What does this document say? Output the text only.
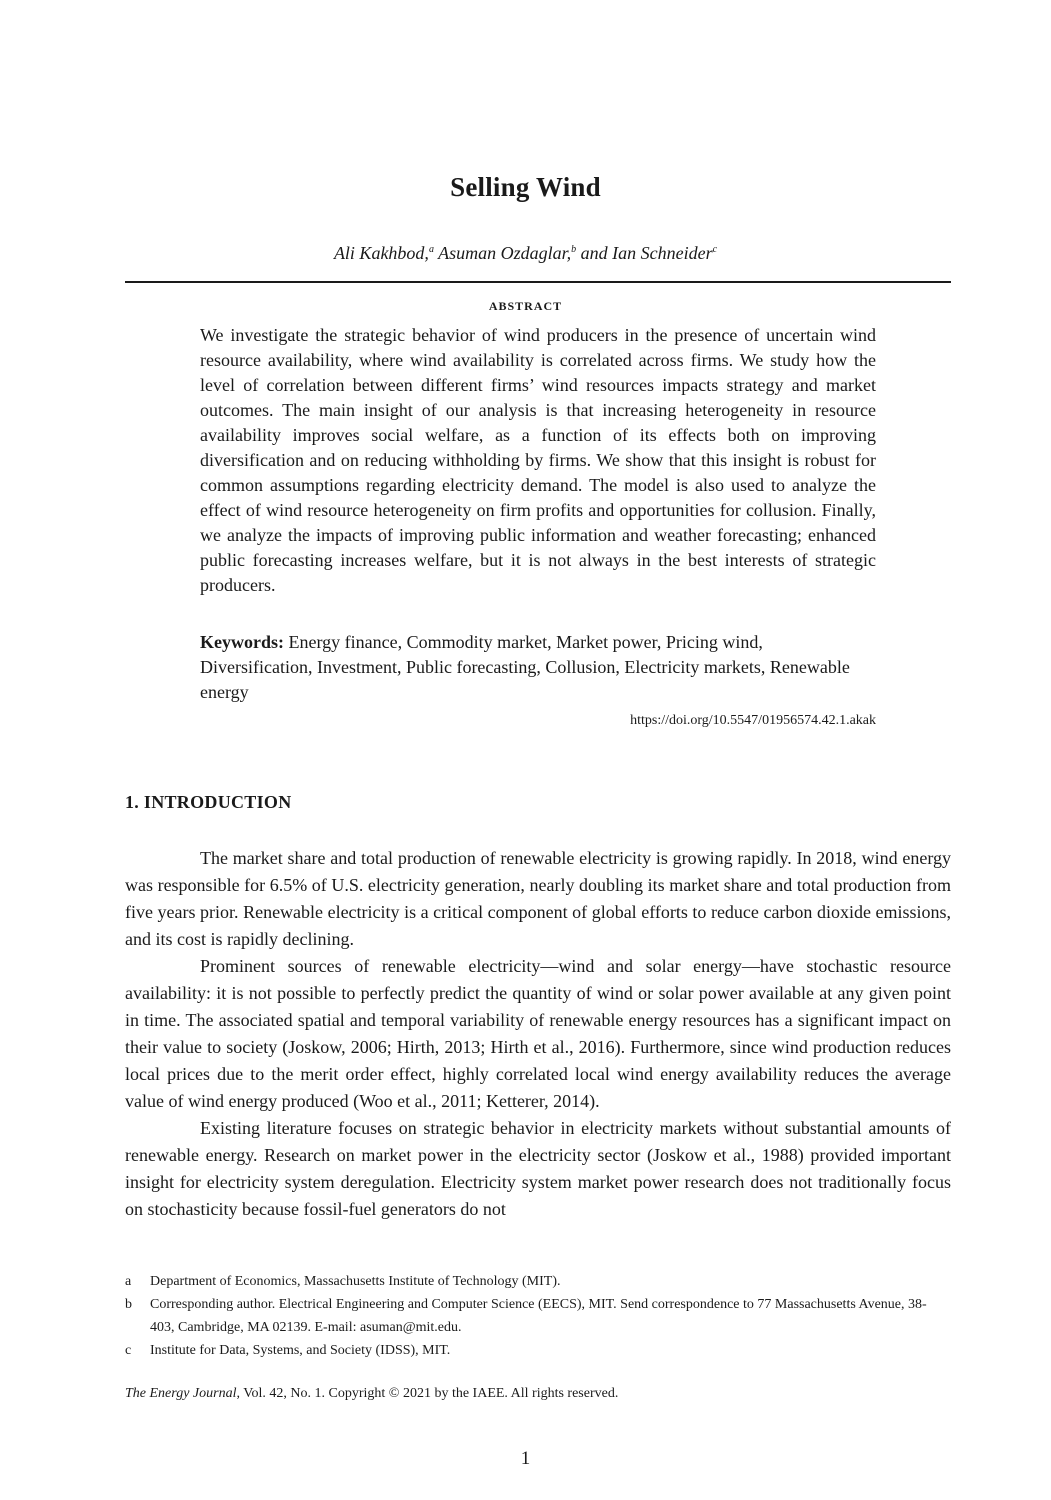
Selling Wind
Ali Kakhbod,$^a$ Asuman Ozdaglar,$^b$ and Ian Schneider$^c$
ABSTRACT

We investigate the strategic behavior of wind producers in the presence of uncertain wind resource availability, where wind availability is correlated across firms. We study how the level of correlation between different firms’ wind resources impacts strategy and market outcomes. The main insight of our analysis is that increasing heterogeneity in resource availability improves social welfare, as a function of its effects both on improving diversification and on reducing withholding by firms. We show that this insight is robust for common assumptions regarding electricity demand. The model is also used to analyze the effect of wind resource heterogeneity on firm profits and opportunities for collusion. Finally, we analyze the impacts of improving public information and weather forecasting; enhanced public forecasting increases welfare, but it is not always in the best interests of strategic producers.

Keywords: Energy finance, Commodity market, Market power, Pricing wind, Diversification, Investment, Public forecasting, Collusion, Electricity markets, Renewable energy

https://doi.org/10.5547/01956574.42.1.akak
1. INTRODUCTION

The market share and total production of renewable electricity is growing rapidly. In 2018, wind energy was responsible for 6.5% of U.S. electricity generation, nearly doubling its market share and total production from five years prior. Renewable electricity is a critical component of global efforts to reduce carbon dioxide emissions, and its cost is rapidly declining.

Prominent sources of renewable electricity—wind and solar energy—have stochastic resource availability: it is not possible to perfectly predict the quantity of wind or solar power available at any given point in time. The associated spatial and temporal variability of renewable energy resources has a significant impact on their value to society (Joskow, 2006; Hirth, 2013; Hirth et al., 2016). Furthermore, since wind production reduces local prices due to the merit order effect, highly correlated local wind energy availability reduces the average value of wind energy produced (Woo et al., 2011; Ketterer, 2014).

Existing literature focuses on strategic behavior in electricity markets without substantial amounts of renewable energy. Research on market power in the electricity sector (Joskow et al., 1988) provided important insight for electricity system deregulation. Electricity system market power research does not traditionally focus on stochasticity because fossil-fuel generators do not

a	Department of Economics, Massachusetts Institute of Technology (MIT).
b	Corresponding author. Electrical Engineering and Computer Science (EECS), MIT. Send correspondence to 77 Massachusetts Avenue, 38-403, Cambridge, MA 02139. E-mail: asuman@mit.edu.
c	Institute for Data, Systems, and Society (IDSS), MIT.
The Energy Journal, Vol. 42, No. 1. Copyright © 2021 by the IAEE. All rights reserved.
1
